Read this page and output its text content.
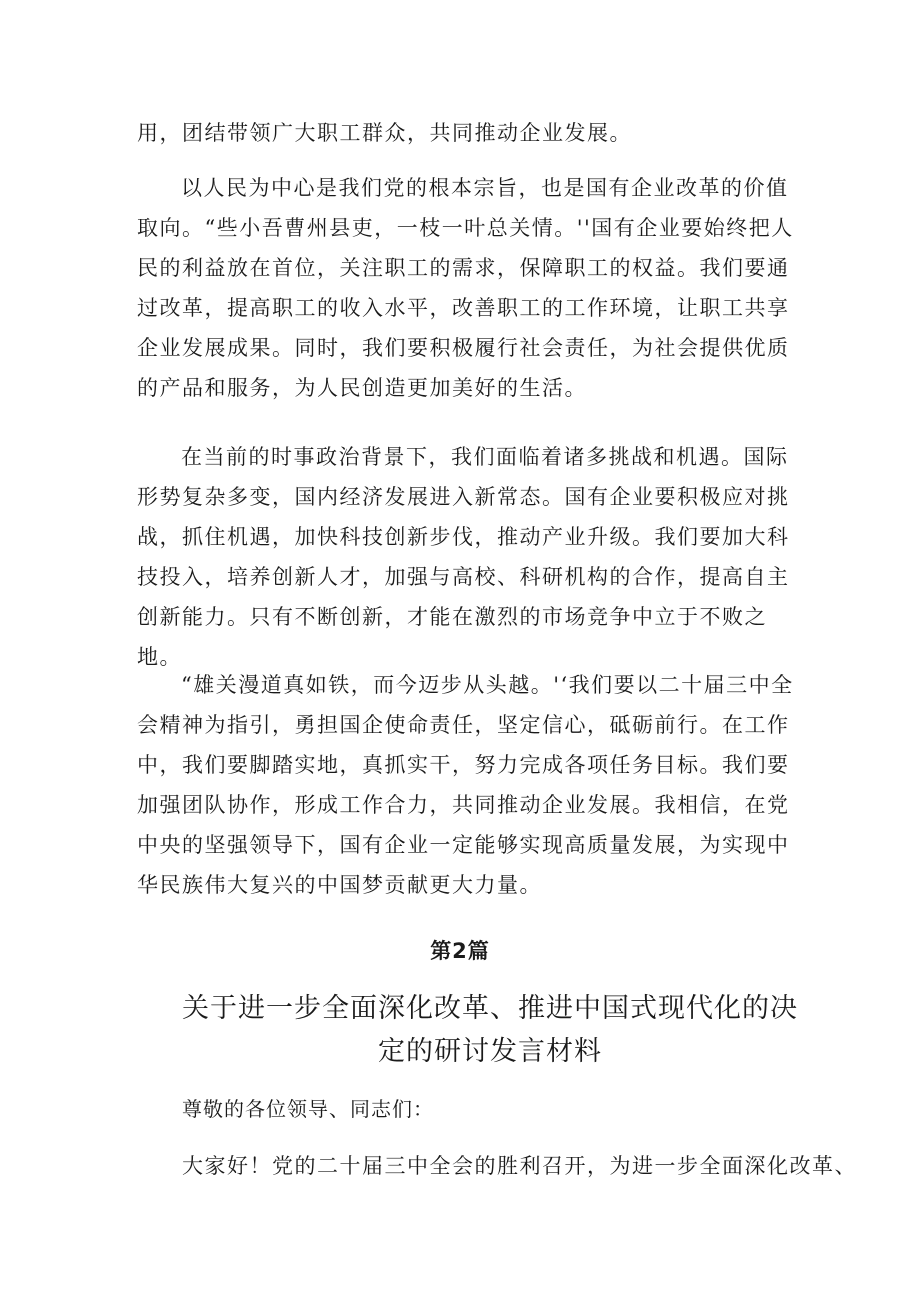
用，团结带领广大职工群众，共同推动企业发展。

以人民为中心是我们党的根本宗旨，也是国有企业改革的价值取向。“些小吾曹州县吏，一枝一叶总关情。''国有企业要始终把人民的利益放在首位，关注职工的需求，保障职工的权益。我们要通过改革，提高职工的收入水平，改善职工的工作环境，让职工共享企业发展成果。同时，我们要积极履行社会责任，为社会提供优质的产品和服务，为人民创造更加美好的生活。

在当前的时事政治背景下，我们面临着诸多挑战和机遇。国际形势复杂多变，国内经济发展进入新常态。国有企业要积极应对挑战，抓住机遇，加快科技创新步伐，推动产业升级。我们要加大科技投入，培养创新人才，加强与高校、科研机构的合作，提高自主创新能力。只有不断创新，才能在激烈的市场竞争中立于不败之地。

“雄关漫道真如铁，而今迈步从头越。'‘我们要以二十届三中全会精神为指引，勇担国企使命责任，坚定信心，砥砺前行。在工作中，我们要脚踏实地，真抓实干，努力完成各项任务目标。我们要加强团队协作，形成工作合力，共同推动企业发展。我相信，在党中央的坚强领导下，国有企业一定能够实现高质量发展，为实现中华民族伟大复兴的中国梦贡献更大力量。

第2篇
关于进一步全面深化改革、推进中国式现代化的决定的研讨发言材料
尊敬的各位领导、同志们：
大家好！党的二十届三中全会的胜利召开，为进一步全面深化改革、
